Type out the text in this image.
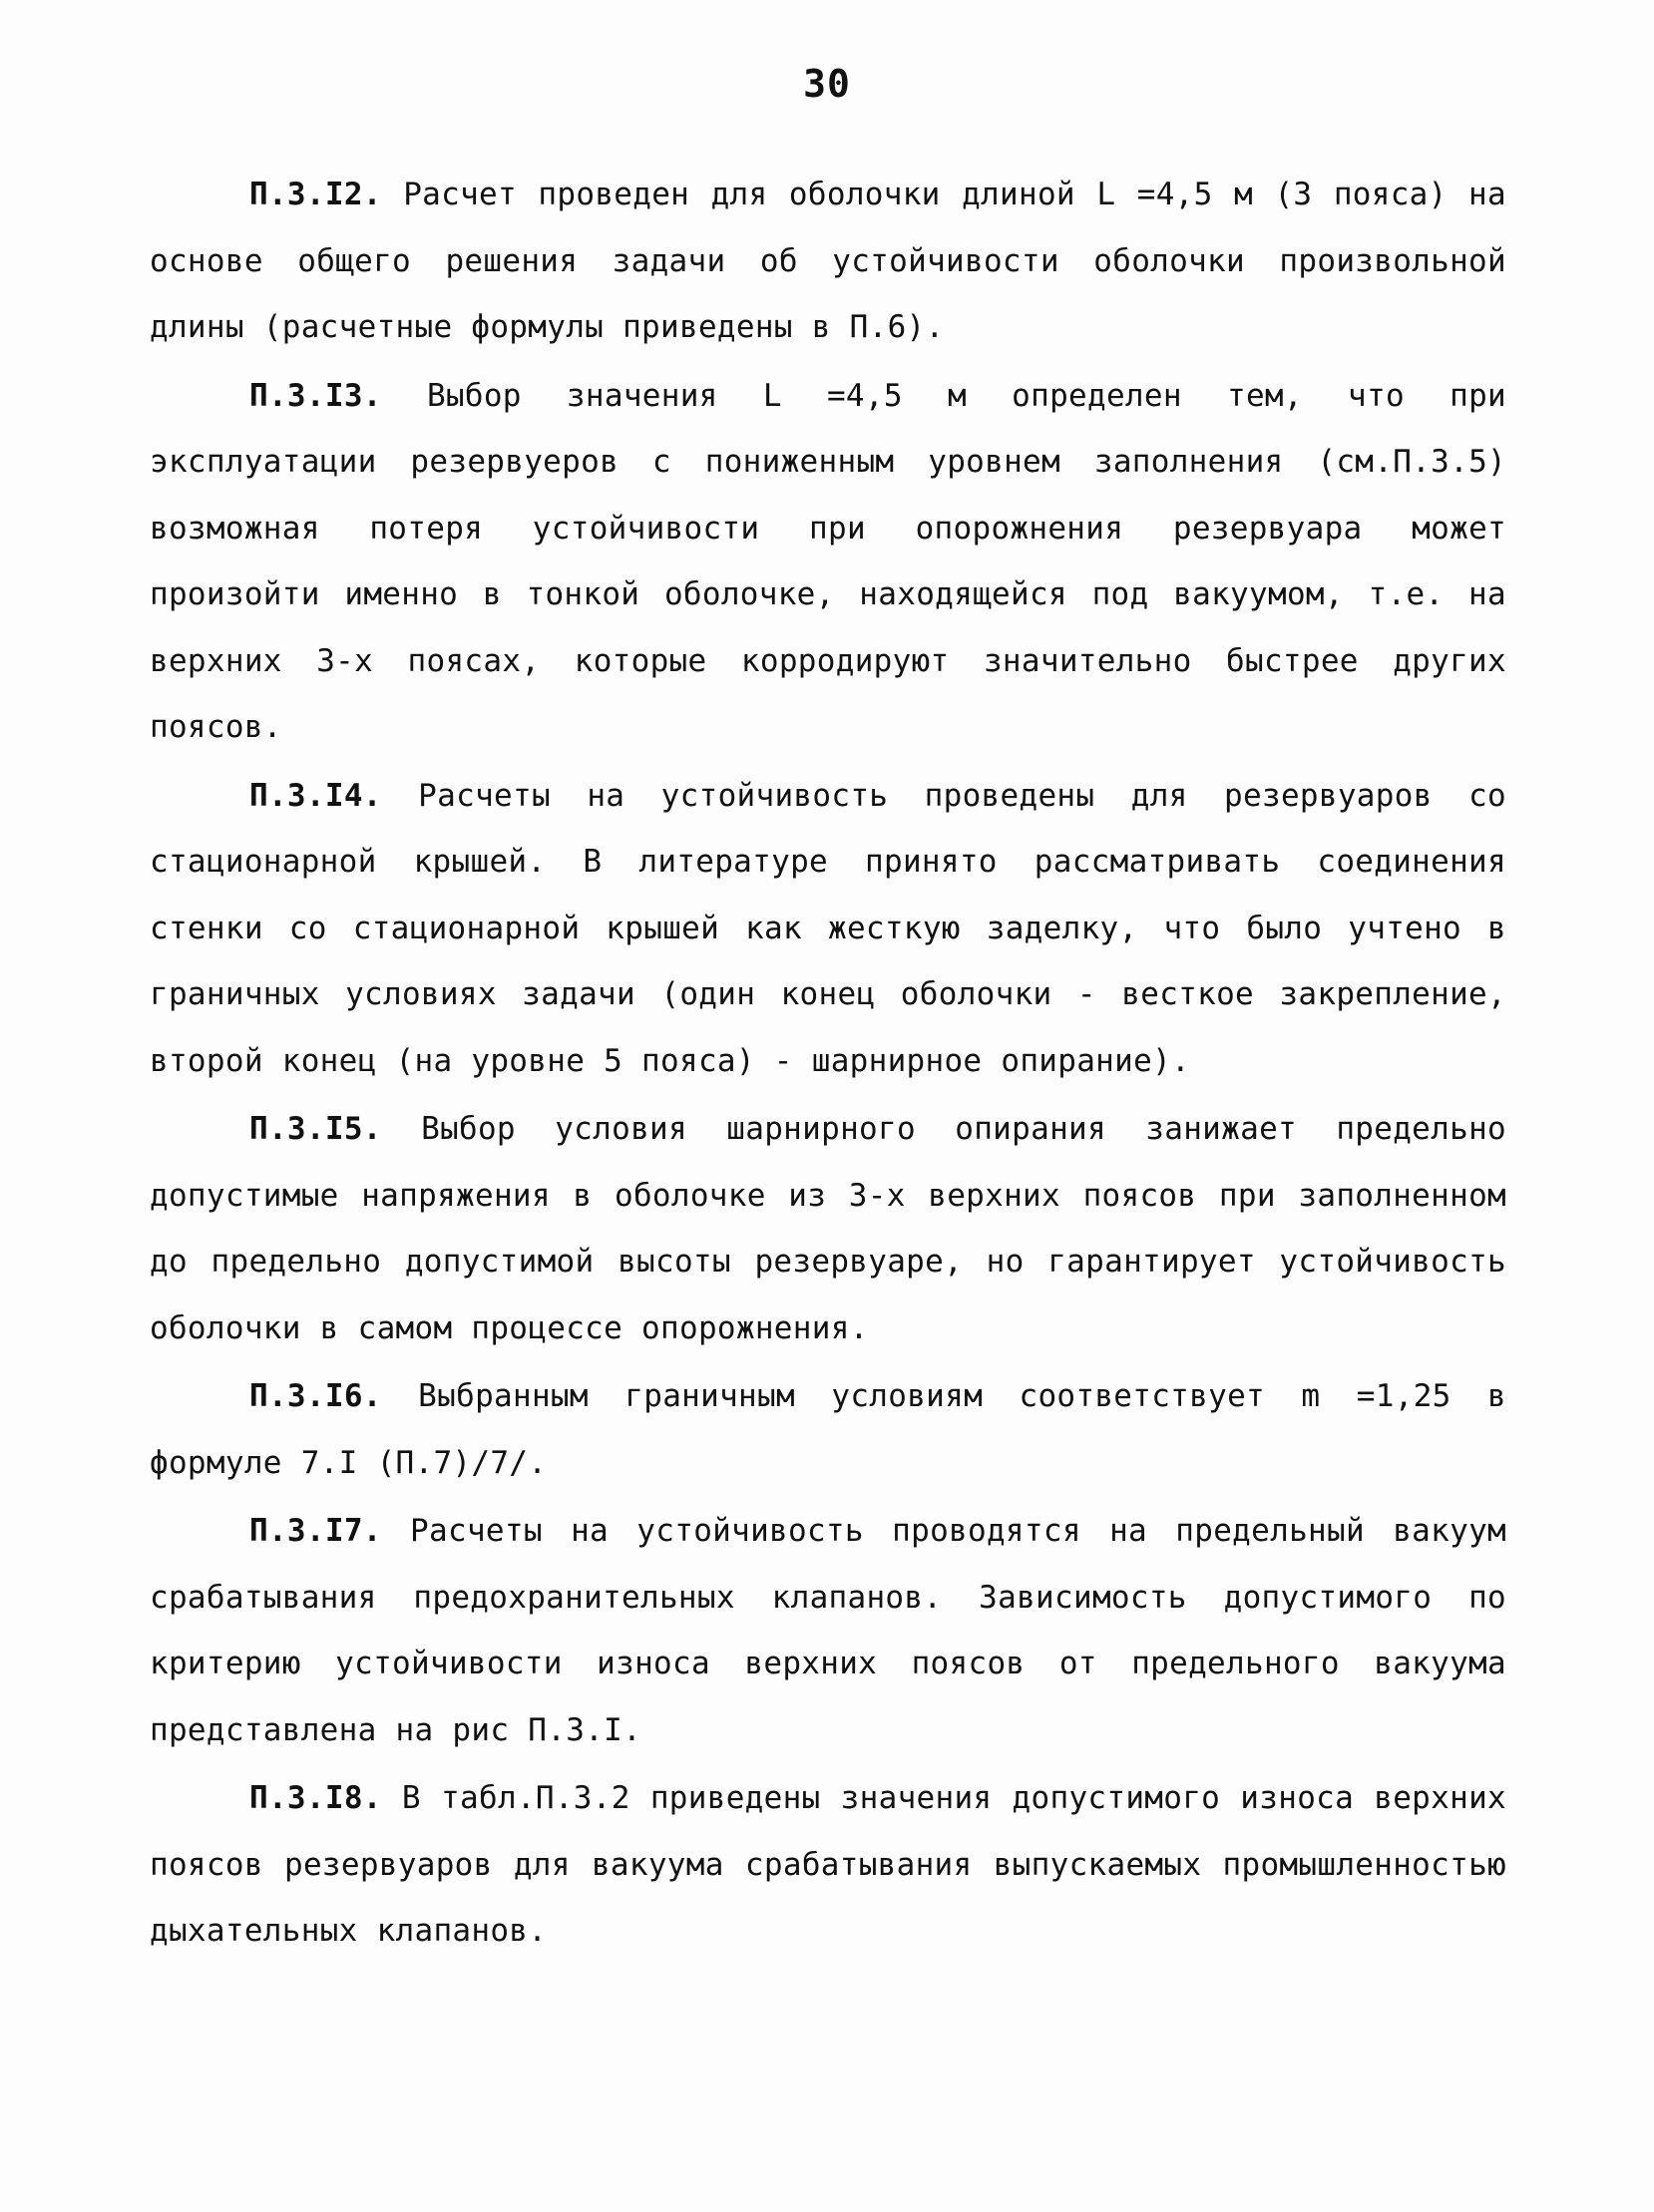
30

П.3.I2. Расчет проведен для оболочки длиной L =4,5 м (3 пояса) на основе общего решения задачи об устойчивости оболочки произвольной длины (расчетные формулы приведены в П.6).

П.3.I3. Выбор значения L =4,5 м определен тем, что при эксплуатации резервуеров с пониженным уровнем заполнения (см.П.3.5) возможная потеря устойчивости при опорожнения резервуара может произойти именно в тонкой оболочке, находящейся под вакуумом, т.е. на верхних 3-х поясах, которые корродируют значительно быстрее других поясов.

П.3.I4. Расчеты на устойчивость проведены для резервуаров со стационарной крышей. В литературе принято рассматривать соединения стенки со стационарной крышей как жесткую заделку, что было учтено в граничных условиях задачи (один конец оболочки - весткое закрепление, второй конец (на уровне 5 пояса) - шарнирное опирание).

П.3.I5. Выбор условия шарнирного опирания занижает предельно допустимые напряжения в оболочке из 3-х верхних поясов при заполненном до предельно допустимой высоты резервуаре, но гарантирует устойчивость оболочки в самом процессе опорожнения.

П.3.I6. Выбранным граничным условиям соответствует m =1,25 в формуле 7.I (П.7)/7/.

П.3.I7. Расчеты на устойчивость проводятся на предельный вакуум срабатывания предохранительных клапанов. Зависимость допустимого по критерию устойчивости износа верхних поясов от предельного вакуума представлена на рис П.3.I.

П.3.I8. В табл.П.3.2 приведены значения допустимого износа верхних поясов резервуаров для вакуума срабатывания выпускаемых промышленностью дыхательных клапанов.
